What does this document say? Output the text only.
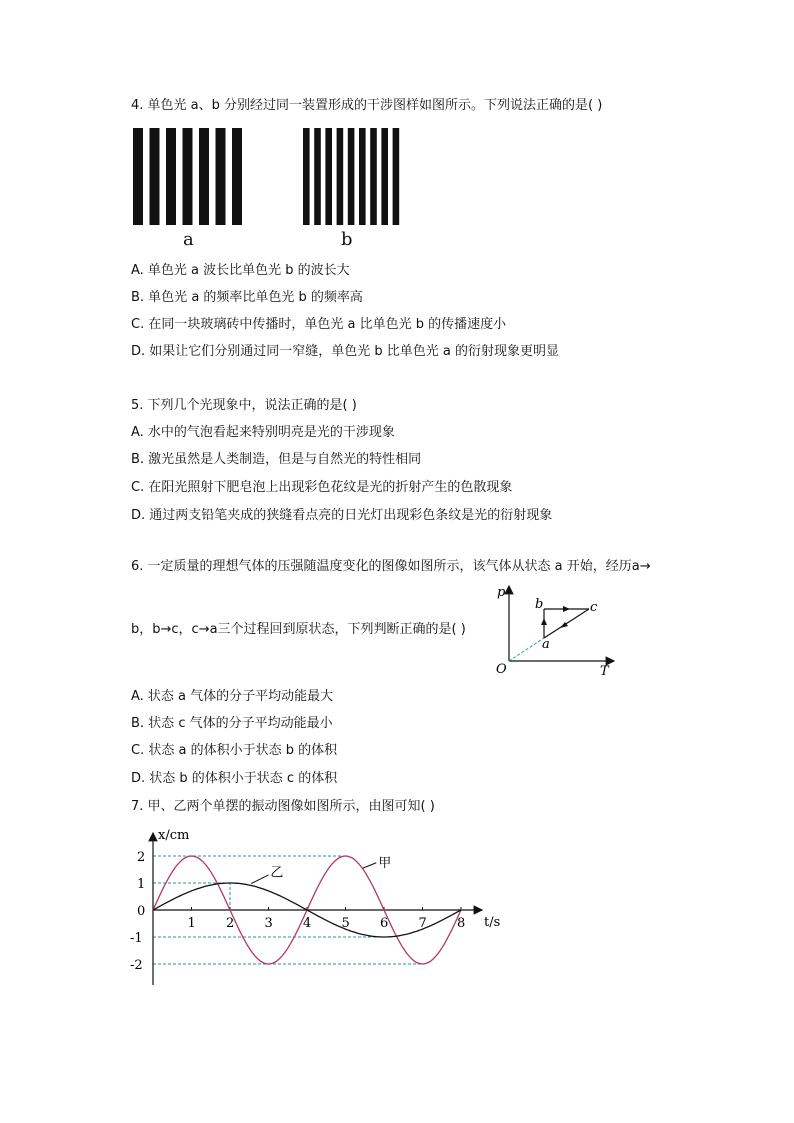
4. 单色光 a、b 分别经过同一装置形成的干涉图样如图所示。下列说法正确的是( )
a	b
A. 单色光 a 波长比单色光 b 的波长大
B. 单色光 a 的频率比单色光 b 的频率高
C. 在同一块玻璃砖中传播时，单色光 a 比单色光 b 的传播速度小
D. 如果让它们分别通过同一窄缝，单色光 b 比单色光 a 的衍射现象更明显
5. 下列几个光现象中，说法正确的是( )
A. 水中的气泡看起来特别明亮是光的干涉现象
B. 激光虽然是人类制造，但是与自然光的特性相同
C. 在阳光照射下肥皂泡上出现彩色花纹是光的折射产生的色散现象
D. 通过两支铅笔夹成的狭缝看点亮的日光灯出现彩色条纹是光的衍射现象
6. 一定质量的理想气体的压强随温度变化的图像如图所示，该气体从状态 a 开始，经历a→
b，b→c，c→a三个过程回到原状态，下列判断正确的是( )
p
T
O
a
b	c
A. 状态 a 气体的分子平均动能最大
B. 状态 c 气体的分子平均动能最小
C. 状态 a 的体积小于状态 b 的体积
D. 状态 b 的体积小于状态 c 的体积
7. 甲、乙两个单摆的振动图像如图所示，由图可知( )
1 2 3 4 5 6 7 8
2
1
0
-1
-2
甲
乙
x/cm
t/s
